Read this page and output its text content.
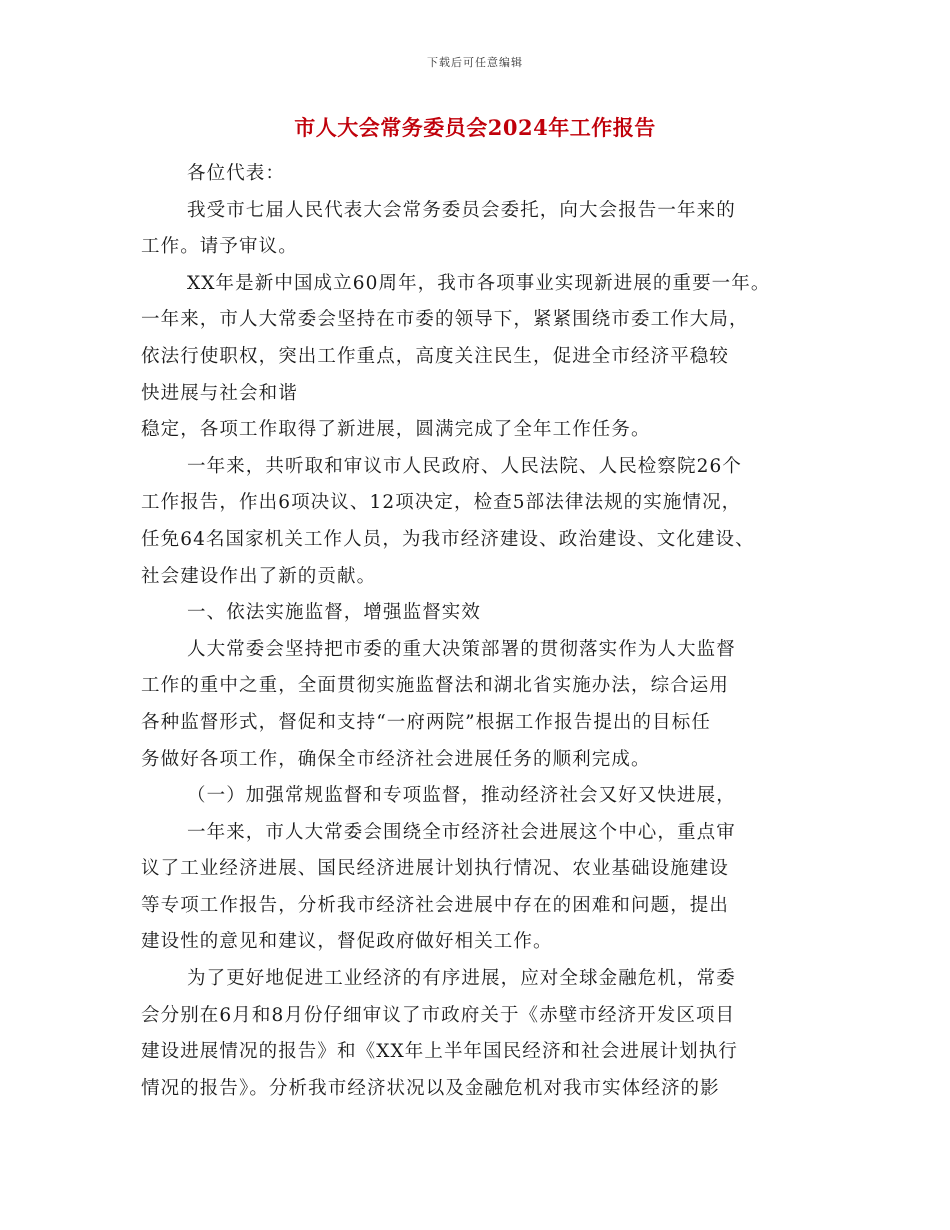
下载后可任意编辑
市人大会常务委员会2024年工作报告
各位代表：
我受市七届人民代表大会常务委员会委托，向大会报告一年来的
工作。请予审议。
XX年是新中国成立60周年，我市各项事业实现新进展的重要一年。
一年来，市人大常委会坚持在市委的领导下，紧紧围绕市委工作大局，
依法行使职权，突出工作重点，高度关注民生，促进全市经济平稳较
快进展与社会和谐
稳定，各项工作取得了新进展，圆满完成了全年工作任务。
一年来，共听取和审议市人民政府、人民法院、人民检察院26个
工作报告，作出6项决议、12项决定，检查5部法律法规的实施情况，
任免64名国家机关工作人员，为我市经济建设、政治建设、文化建设、
社会建设作出了新的贡献。
一、依法实施监督，增强监督实效
人大常委会坚持把市委的重大决策部署的贯彻落实作为人大监督
工作的重中之重，全面贯彻实施监督法和湖北省实施办法，综合运用
各种监督形式，督促和支持“一府两院”根据工作报告提出的目标任
务做好各项工作，确保全市经济社会进展任务的顺利完成。
（一）加强常规监督和专项监督，推动经济社会又好又快进展，
一年来，市人大常委会围绕全市经济社会进展这个中心，重点审
议了工业经济进展、国民经济进展计划执行情况、农业基础设施建设
等专项工作报告，分析我市经济社会进展中存在的困难和问题，提出
建设性的意见和建议，督促政府做好相关工作。
为了更好地促进工业经济的有序进展，应对全球金融危机，常委
会分别在6月和8月份仔细审议了市政府关于《赤壁市经济开发区项目
建设进展情况的报告》和《XX年上半年国民经济和社会进展计划执行
情况的报告》。分析我市经济状况以及金融危机对我市实体经济的影
